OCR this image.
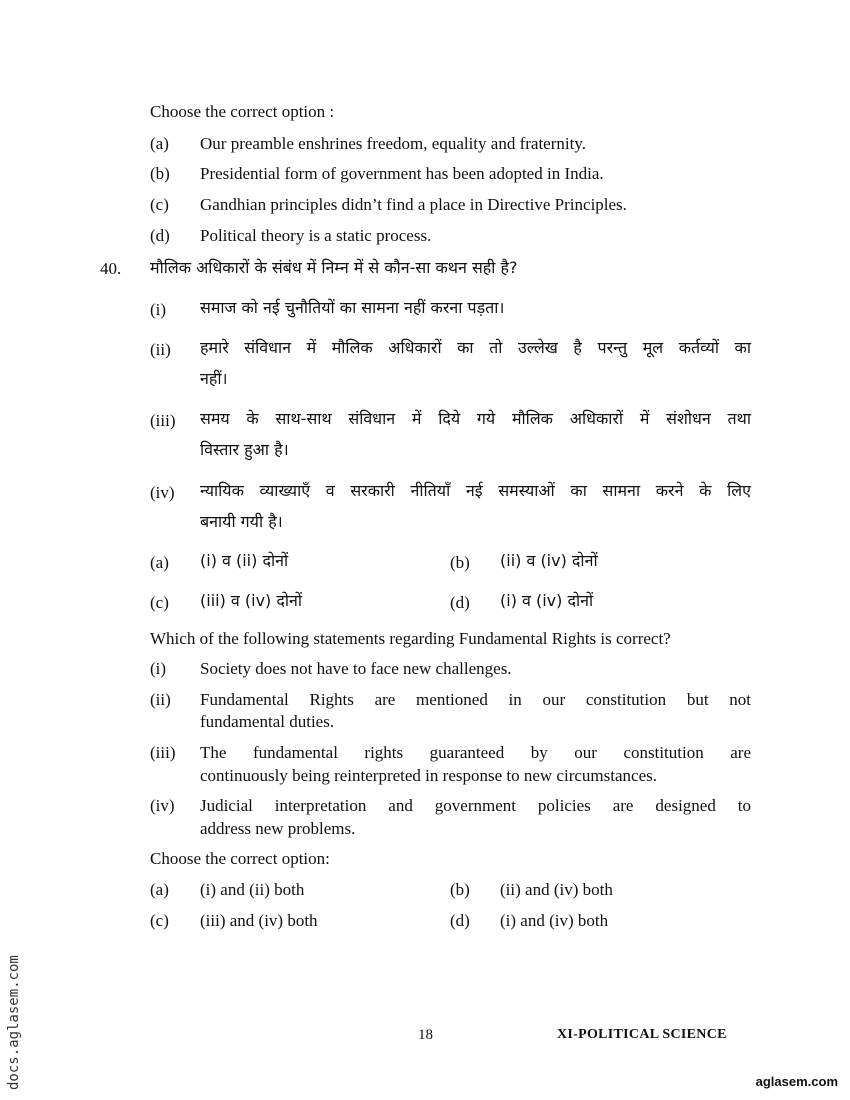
Choose the correct option :
(a) Our preamble enshrines freedom, equality and fraternity.
(b) Presidential form of government has been adopted in India.
(c) Gandhian principles didn’t find a place in Directive Principles.
(d) Political theory is a static process.
40. मौलिक अधिकारों के संबंध में निम्न में से कौन-सा कथन सही है?
(i) समाज को नई चुनौतियों का सामना नहीं करना पड़ता।
(ii) हमारे संविधान में मौलिक अधिकारों का तो उल्लेख है परन्तु मूल कर्तव्यों का
नहीं।
(iii) समय के साथ-साथ संविधान में दिये गये मौलिक अधिकारों में संशोधन तथा
विस्तार हुआ है।
(iv) न्यायिक व्याख्याएँ व सरकारी नीतियाँ नई समस्याओं का सामना करने के लिए
बनायी गयी है।
(a) (i) व (ii) दोनों	(b) (ii) व (iv) दोनों
(c) (iii) व (iv) दोनों	(d) (i) व (iv) दोनों
Which of the following statements regarding Fundamental Rights is correct?
(i) Society does not have to face new challenges.
(ii) Fundamental Rights are mentioned in our constitution but not
fundamental duties.
(iii) The fundamental rights guaranteed by our constitution are
continuously being reinterpreted in response to new circumstances.
(iv) Judicial interpretation and government policies are designed to
address new problems.
Choose the correct option:
(a) (i) and (ii) both	(b) (ii) and (iv) both
(c) (iii) and (iv) both	(d) (i) and (iv) both
18	XI-POLITICAL SCIENCE
docs.aglasem.com	aglasem.com
